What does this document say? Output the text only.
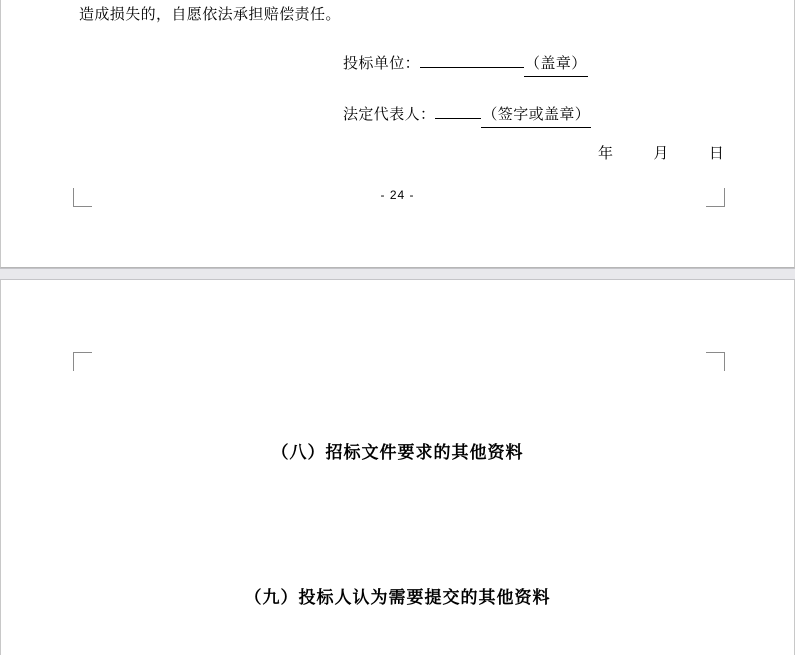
造成损失的，自愿依法承担赔偿责任。
投标单位：	（盖章）
法定代表人：	（签字或盖章）
年	月	日
- 24 -
（八）招标文件要求的其他资料
（九）投标人认为需要提交的其他资料
